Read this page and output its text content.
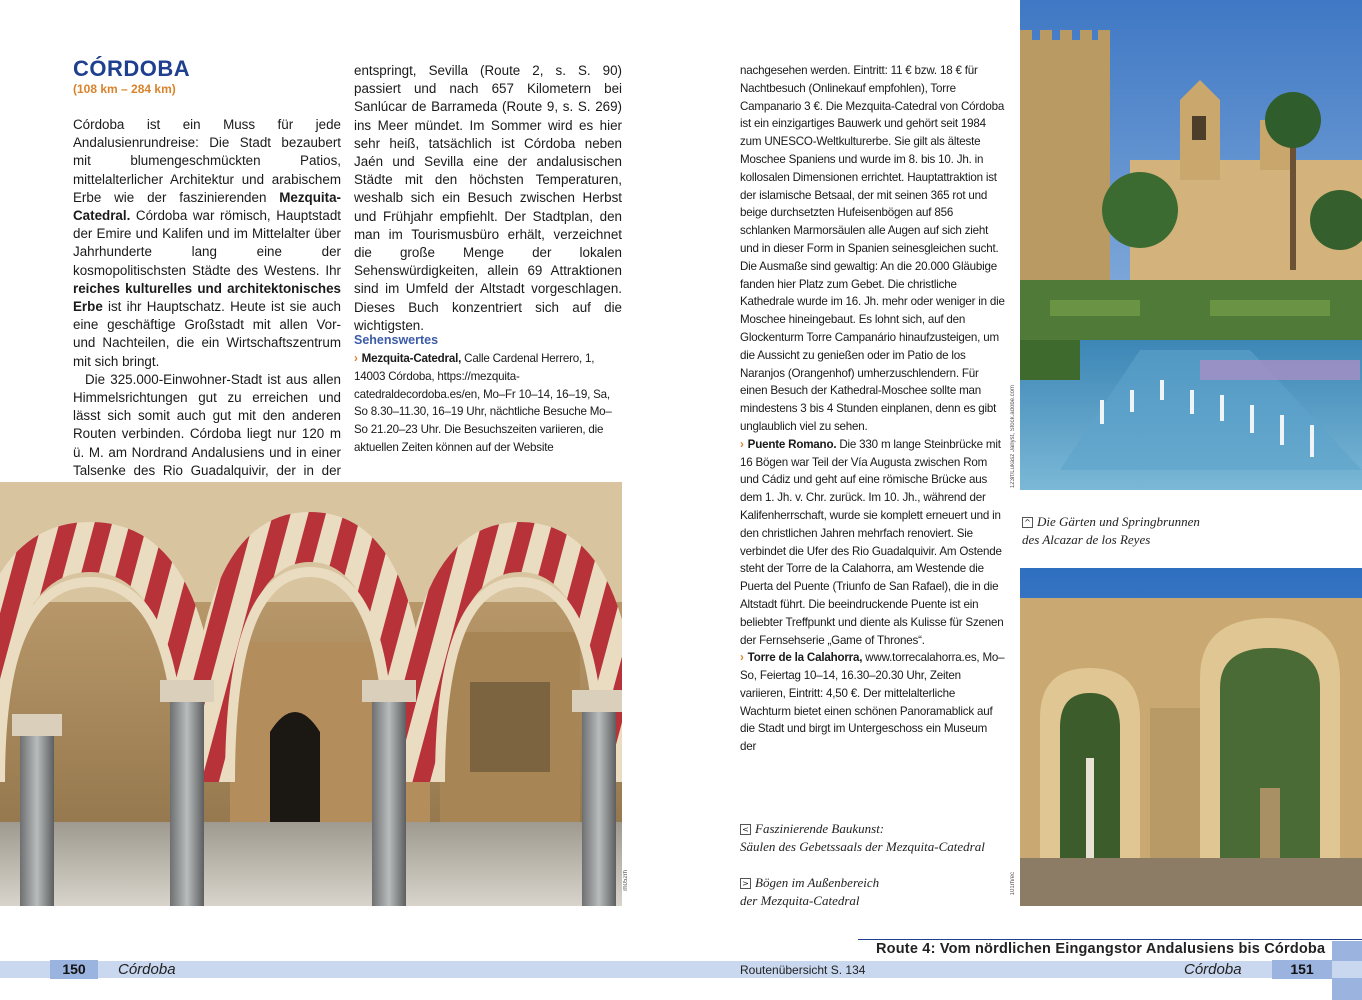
CÓRDOBA
(108 km – 284 km)

Córdoba ist ein Muss für jede Andalusienrundreise: Die Stadt bezaubert mit blumengeschmückten Patios, mittelalterlicher Architektur und arabischem Erbe wie der faszinierenden Mezquita-Catedral. Córdoba war römisch, Hauptstadt der Emire und Kalifen und im Mittelalter über Jahrhunderte lang eine der kosmopolitischsten Städte des Westens. Ihr reiches kulturelles und architektonisches Erbe ist ihr Hauptschatz. Heute ist sie auch eine geschäftige Großstadt mit allen Vor- und Nachteilen, die ein Wirtschaftszentrum mit sich bringt.

Die 325.000-Einwohner-Stadt ist aus allen Himmelsrichtungen gut zu erreichen und lässt sich somit auch gut mit den anderen Routen verbinden. Córdoba liegt nur 120 m ü. M. am Nordrand Andalusiens und in einer Talsenke des Rio Guadalquivir, der in der

entspringt, Sevilla (Route 2, s. S. 90) passiert und nach 657 Kilometern bei Sanlúcar de Barrameda (Route 9, s. S. 269) ins Meer mündet. Im Sommer wird es hier sehr heiß, tatsächlich ist Córdoba neben Jaén und Sevilla eine der andalusischen Städte mit den höchsten Temperaturen, weshalb sich ein Besuch zwischen Herbst und Frühjahr empfiehlt. Der Stadtplan, den man im Tourismusbüro erhält, verzeichnet die große Menge der lokalen Sehenswürdigkeiten, allein 69 Attraktionen sind im Umfeld der Altstadt vorgeschlagen. Dieses Buch konzentriert sich auf die wichtigsten.

Sehenswertes
› Mezquita-Catedral, Calle Cardenal Herrero, 1, 14003 Córdoba, https://mezquita-catedraldecordoba.es/en, Mo–Fr 10–14, 16–19, Sa, So 8.30–11.30, 16–19 Uhr, nächtliche Besuche Mo–So 21.20–23 Uhr. Die Besuchszeiten variieren, die aktuellen Zeiten können auf der Website
rh052rh

nachgesehen werden. Eintritt: 11 € bzw. 18 € für Nachtbesuch (Onlinekauf empfohlen), Torre Campanario 3 €. Die Mezquita-Catedral von Córdoba ist ein einzigartiges Bauwerk und gehört seit 1984 zum UNESCO-Weltkulturerbe. Sie gilt als älteste Moschee Spaniens und wurde im 8. bis 10. Jh. in kollosalen Dimensionen errichtet. Hauptattraktion ist der islamische Betsaal, der mit seinen 365 rot und beige durchsetzten Hufeisenbögen auf 856 schlanken Marmorsäulen alle Augen auf sich zieht und in dieser Form in Spanien seinesgleichen sucht. Die Ausmaße sind gewaltig: An die 20.000 Gläubige fanden hier Platz zum Gebet. Die christliche Kathedrale wurde im 16. Jh. mehr oder weniger in die Moschee hineingebaut. Es lohnt sich, auf den Glockenturm Torre Campanário hinaufzusteigen, um die Aussicht zu genießen oder im Patio de los Naranjos (Orangenhof) umherzuschlendern. Für einen Besuch der Kathedral-Moschee sollte man mindestens 3 bis 4 Stunden einplanen, denn es gibt unglaublich viel zu sehen.

› Puente Romano. Die 330 m lange Steinbrücke mit 16 Bögen war Teil der Vía Augusta zwischen Rom und Cádiz und geht auf eine römische Brücke aus dem 1. Jh. v. Chr. zurück. Im 10. Jh., während der Kalifenherrschaft, wurde sie komplett erneuert und in den christlichen Jahren mehrfach renoviert. Sie verbindet die Ufer des Rio Guadalquivir. Am Ostende steht der Torre de la Calahorra, am Westende die Puerta del Puente (Triunfo de San Rafael), die in die Altstadt führt. Die beeindruckende Puente ist ein beliebter Treffpunkt und diente als Kulisse für Szenen der Fernsehserie „Game of Thrones“.

› Torre de la Calahorra, www.torrecalahorra.es, Mo–So, Feiertag 10–14, 16.30–20.30 Uhr, Zeiten variieren, Eintritt: 4,50 €. Der mittelalterliche Wachturm bietet einen schönen Panoramablick auf die Stadt und birgt im Untergeschoss ein Museum der

< Faszinierende Baukunst:
Säulen des Gebetssaals der Mezquita-Catedral
> Bögen im Außenbereich
der Mezquita-Catedral
123rf/Lukasz Janyst, Stock.adobe.com
^ Die Gärten und Springbrunnen
des Alcazar de los Reyes
101rh/ec
Route 4: Vom nördlichen Eingangstor Andalusiens bis Córdoba
150	Córdoba	Routenübersicht S. 134	Córdoba	151
